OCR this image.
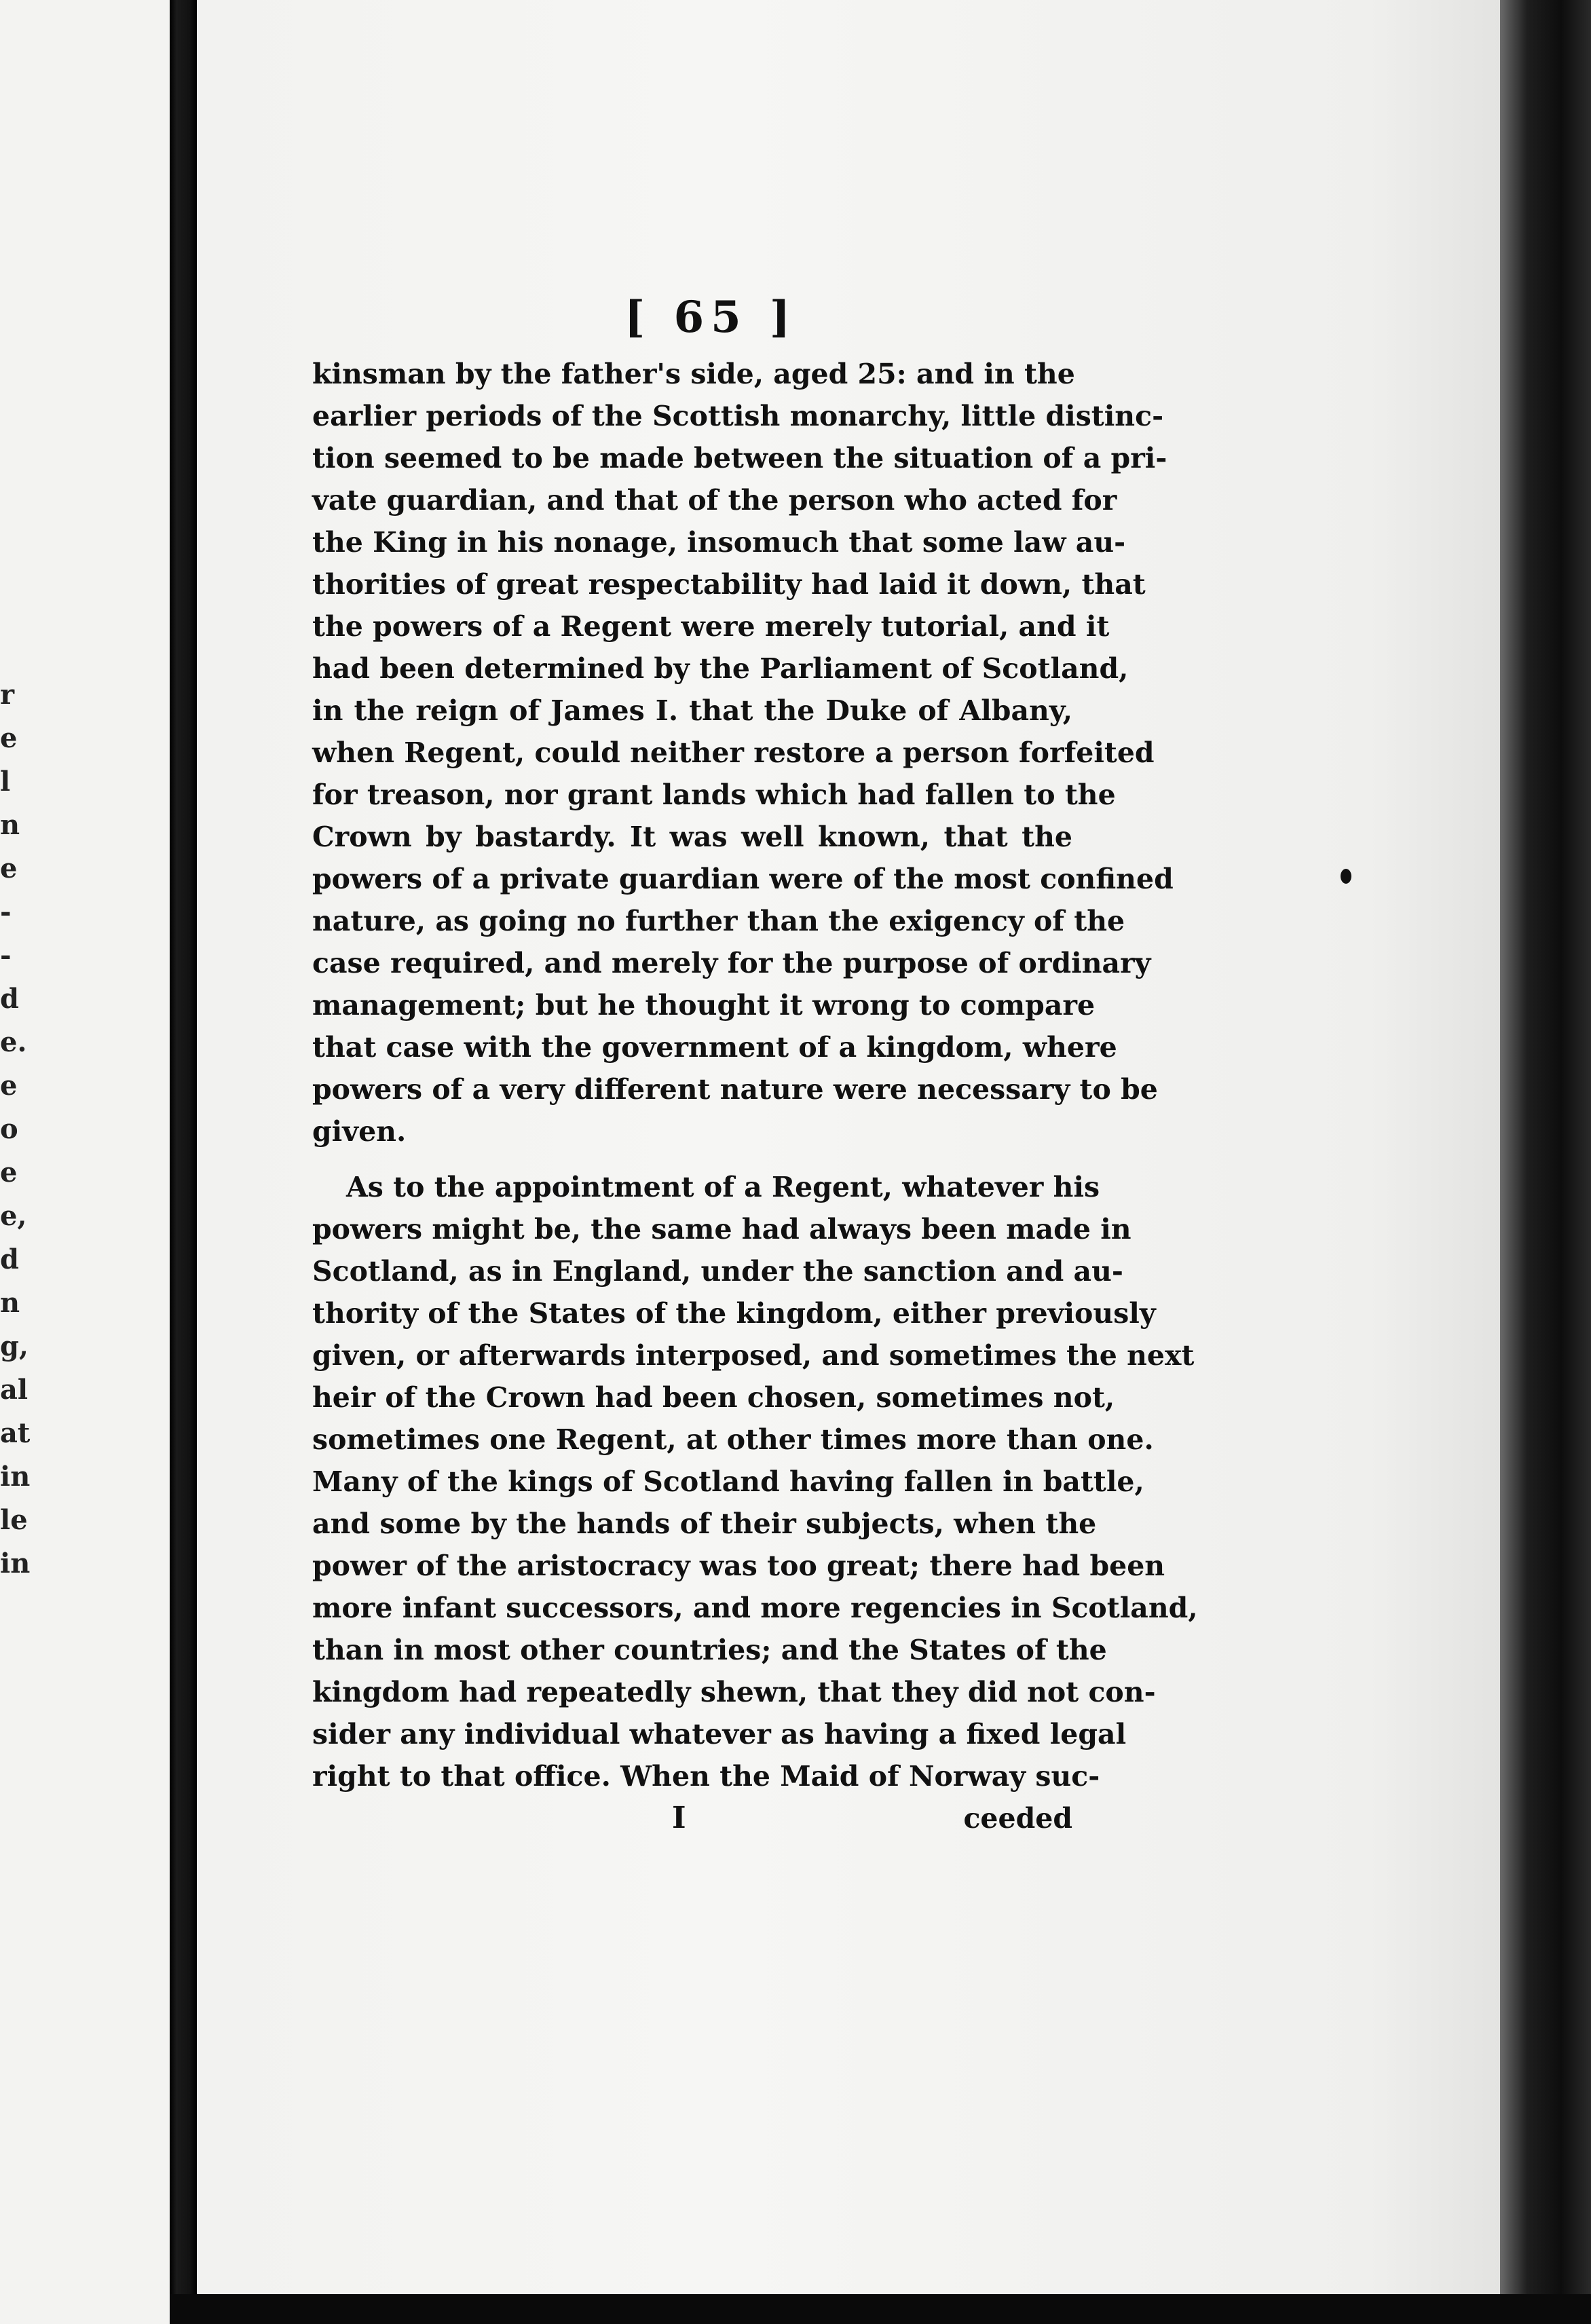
r
e
l
n
e
-
-
d
e.
e
o
e
e,
d
n
g,
al
at
in
le
in
[ 65 ]
kinsman by the father's side, aged 25: and in the
earlier periods of the Scottish monarchy, little distinc-
tion seemed to be made between the situation of a pri-
vate guardian, and that of the person who acted for
the King in his nonage, insomuch that some law au-
thorities of great respectability had laid it down, that
the powers of a Regent were merely tutorial, and it
had been determined by the Parliament of Scotland,
in the reign of James I. that the Duke of Albany,
when Regent, could neither restore a person forfeited
for treason, nor grant lands which had fallen to the
Crown by bastardy. It was well known, that the
powers of a private guardian were of the most confined
nature, as going no further than the exigency of the
case required, and merely for the purpose of ordinary
management; but he thought it wrong to compare
that case with the government of a kingdom, where
powers of a very different nature were necessary to be
given.
As to the appointment of a Regent, whatever his
powers might be, the same had always been made in
Scotland, as in England, under the sanction and au-
thority of the States of the kingdom, either previously
given, or afterwards interposed, and sometimes the next
heir of the Crown had been chosen, sometimes not,
sometimes one Regent, at other times more than one.
Many of the kings of Scotland having fallen in battle,
and some by the hands of their subjects, when the
power of the aristocracy was too great; there had been
more infant successors, and more regencies in Scotland,
than in most other countries; and the States of the
kingdom had repeatedly shewn, that they did not con-
sider any individual whatever as having a fixed legal
right to that office. When the Maid of Norway suc-
I	ceeded
